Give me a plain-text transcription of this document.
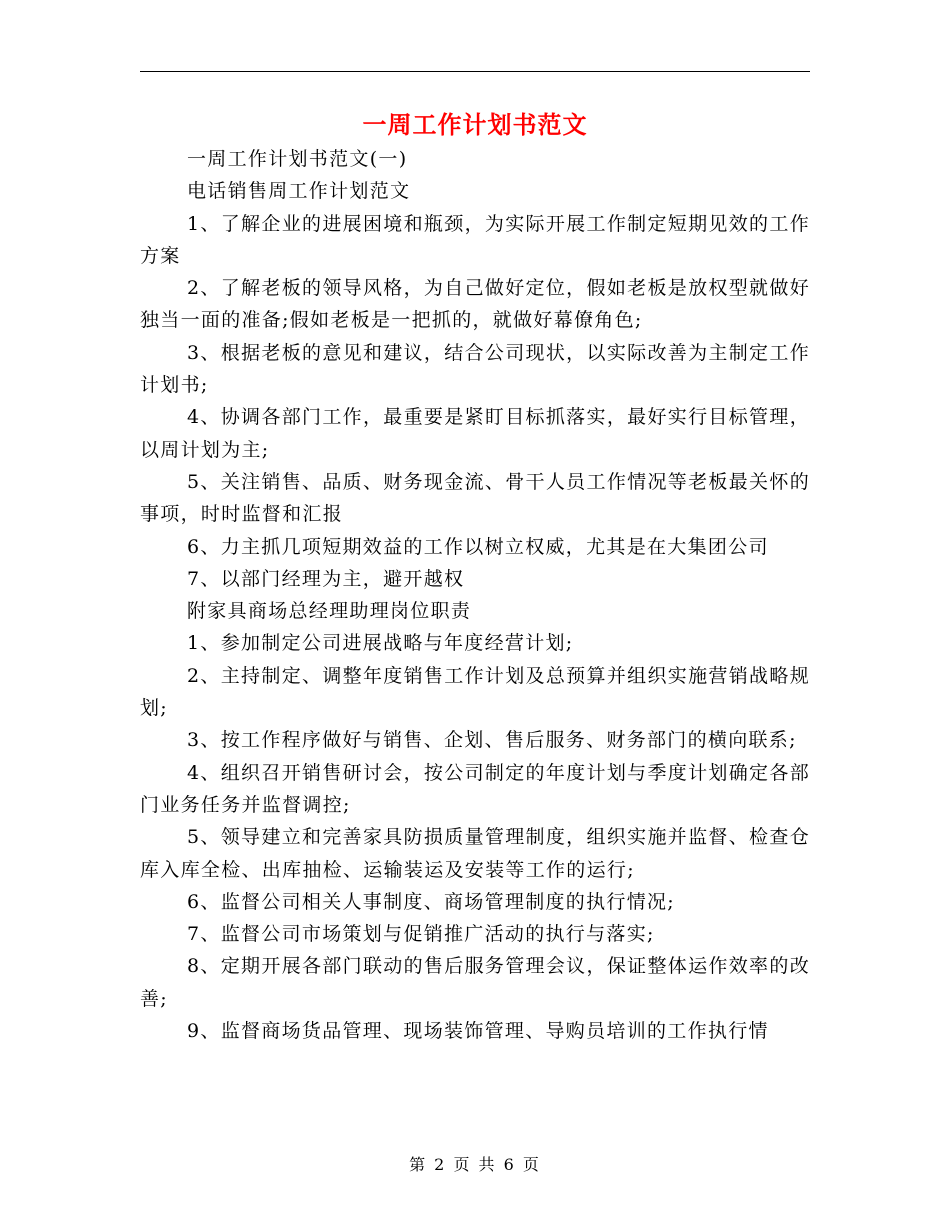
一周工作计划书范文

一周工作计划书范文(一)

电话销售周工作计划范文

1、了解企业的进展困境和瓶颈，为实际开展工作制定短期见效的工作方案

2、了解老板的领导风格，为自己做好定位，假如老板是放权型就做好独当一面的准备;假如老板是一把抓的，就做好幕僚角色;

3、根据老板的意见和建议，结合公司现状，以实际改善为主制定工作计划书;

4、协调各部门工作，最重要是紧盯目标抓落实，最好实行目标管理，以周计划为主;

5、关注销售、品质、财务现金流、骨干人员工作情况等老板最关怀的事项，时时监督和汇报

6、力主抓几项短期效益的工作以树立权威，尤其是在大集团公司

7、以部门经理为主，避开越权

附家具商场总经理助理岗位职责

1、参加制定公司进展战略与年度经营计划;

2、主持制定、调整年度销售工作计划及总预算并组织实施营销战略规划;

3、按工作程序做好与销售、企划、售后服务、财务部门的横向联系;

4、组织召开销售研讨会，按公司制定的年度计划与季度计划确定各部门业务任务并监督调控;

5、领导建立和完善家具防损质量管理制度，组织实施并监督、检查仓库入库全检、出库抽检、运输装运及安装等工作的运行;

6、监督公司相关人事制度、商场管理制度的执行情况;

7、监督公司市场策划与促销推广活动的执行与落实;

8、定期开展各部门联动的售后服务管理会议，保证整体运作效率的改善;

9、监督商场货品管理、现场装饰管理、导购员培训的工作执行情

第 2 页 共 6 页
